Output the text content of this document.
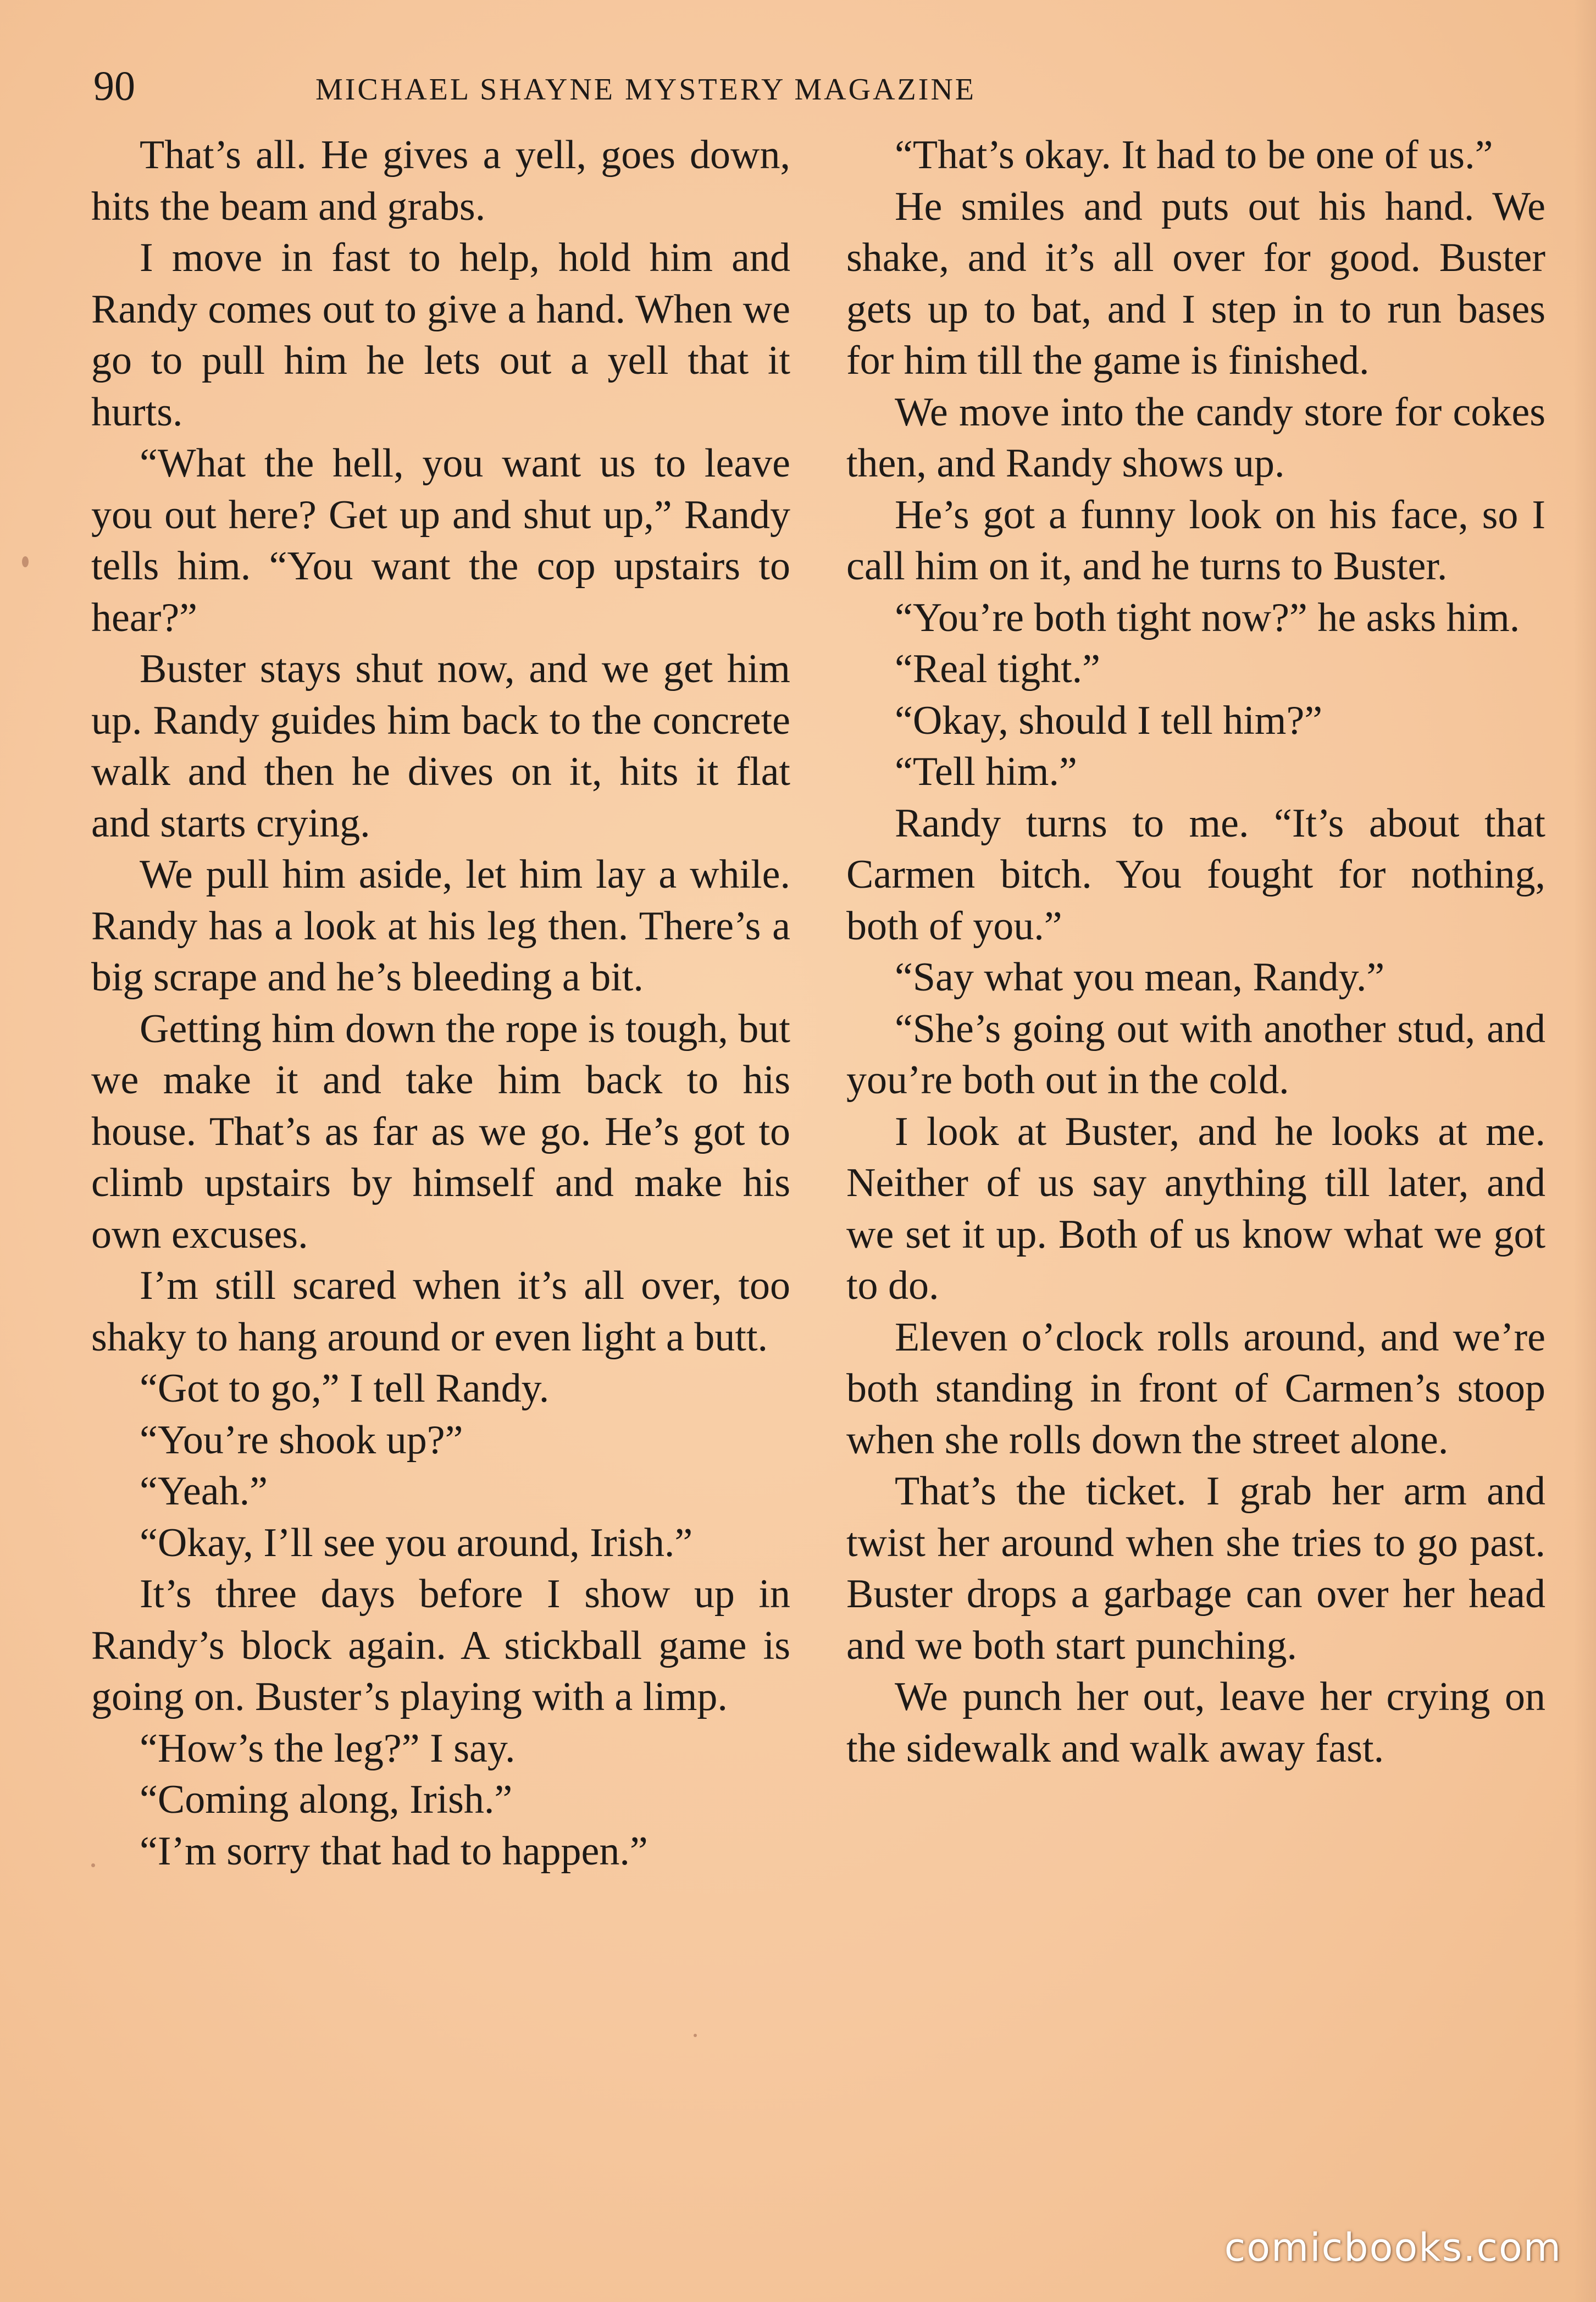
90	MICHAEL SHAYNE MYSTERY MAGAZINE

That’s all. He gives a yell, goes down, hits the beam and grabs.

I move in fast to help, hold him and Randy comes out to give a hand. When we go to pull him he lets out a yell that it hurts.

“What the hell, you want us to leave you out here? Get up and shut up,” Randy tells him. “You want the cop upstairs to hear?”

Buster stays shut now, and we get him up. Randy guides him back to the concrete walk and then he dives on it, hits it flat and starts crying.

We pull him aside, let him lay a while. Randy has a look at his leg then. There’s a big scrape and he’s bleeding a bit.

Getting him down the rope is tough, but we make it and take him back to his house. That’s as far as we go. He’s got to climb upstairs by himself and make his own excuses.

I’m still scared when it’s all over, too shaky to hang around or even light a butt.

“Got to go,” I tell Randy.

“You’re shook up?”

“Yeah.”

“Okay, I’ll see you around, Irish.”

It’s three days before I show up in Randy’s block again. A stickball game is going on. Buster’s playing with a limp.

“How’s the leg?” I say.

“Coming along, Irish.”

“I’m sorry that had to happen.”

“That’s okay. It had to be one of us.”

He smiles and puts out his hand. We shake, and it’s all over for good. Buster gets up to bat, and I step in to run bases for him till the game is finished.

We move into the candy store for cokes then, and Randy shows up.

He’s got a funny look on his face, so I call him on it, and he turns to Buster.

“You’re both tight now?” he asks him.

“Real tight.”

“Okay, should I tell him?”

“Tell him.”

Randy turns to me. “It’s about that Carmen bitch. You fought for nothing, both of you.”

“Say what you mean, Randy.”

“She’s going out with another stud, and you’re both out in the cold.

I look at Buster, and he looks at me. Neither of us say anything till later, and we set it up. Both of us know what we got to do.

Eleven o’clock rolls around, and we’re both standing in front of Carmen’s stoop when she rolls down the street alone.

That’s the ticket. I grab her arm and twist her around when she tries to go past. Buster drops a garbage can over her head and we both start punching.

We punch her out, leave her crying on the sidewalk and walk away fast.

comicbooks.com
